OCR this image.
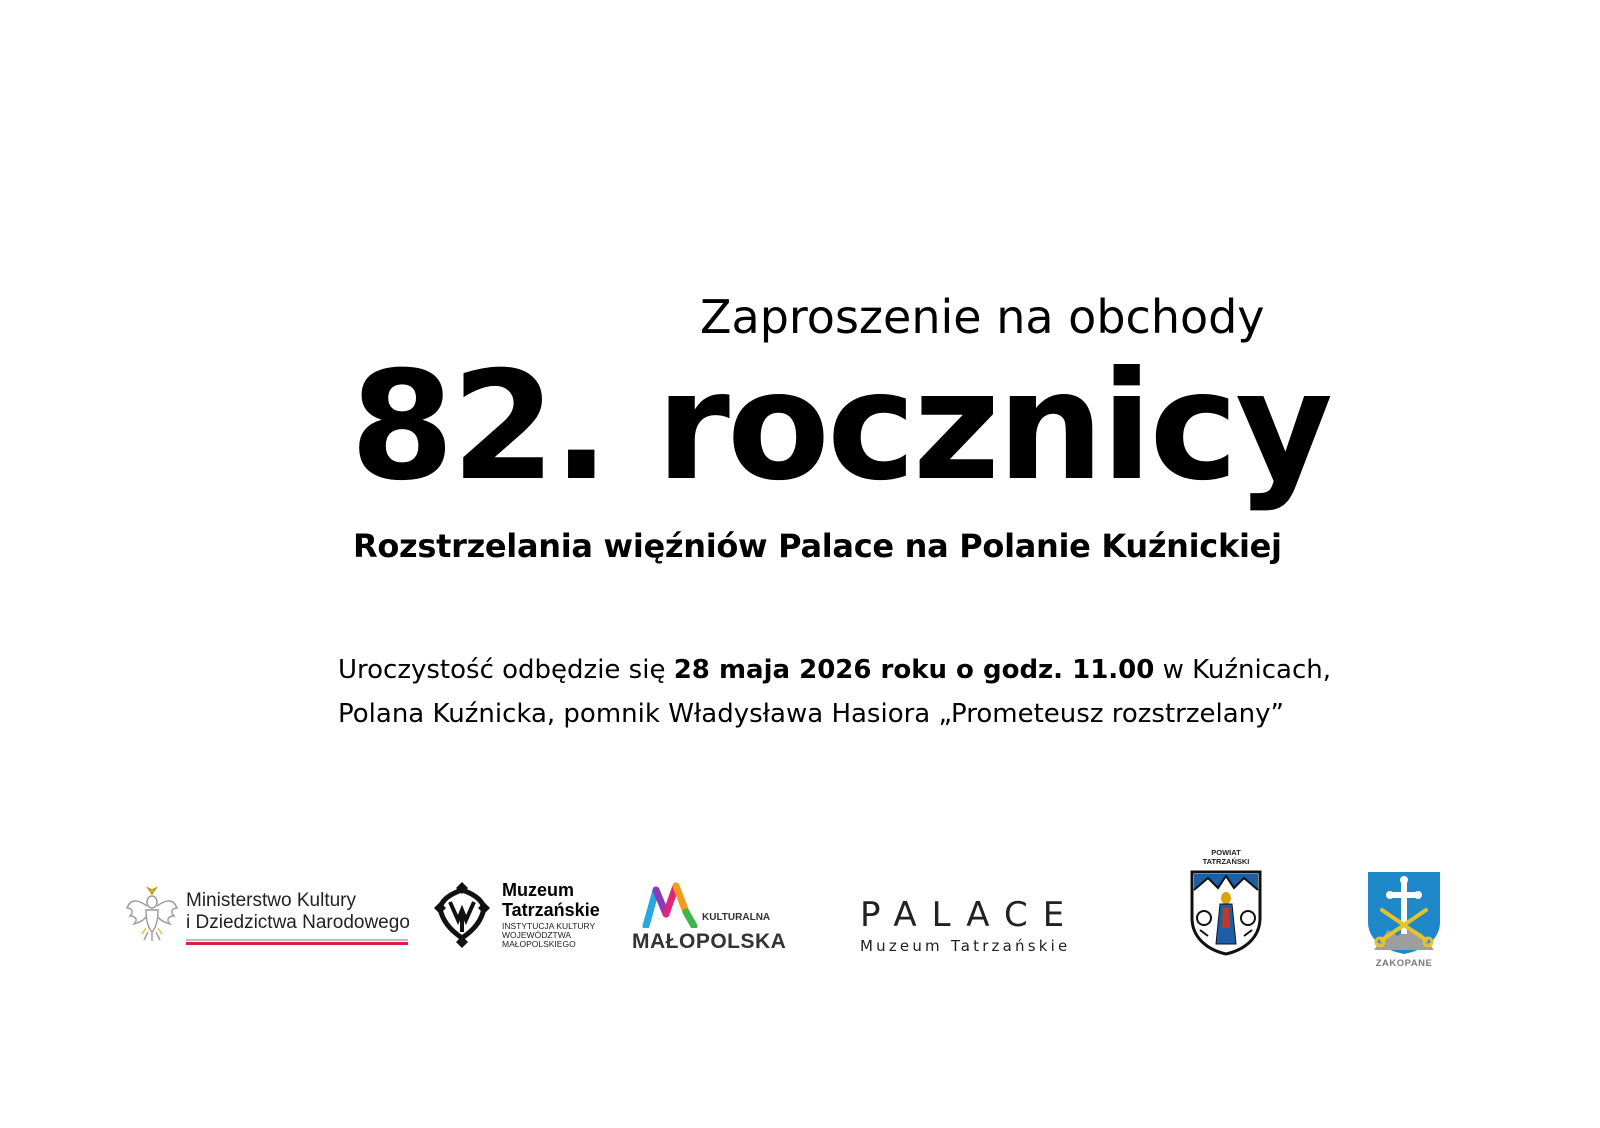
Zaproszenie na obchody
82. rocznicy
Rozstrzelania więźniów Palace na Polanie Kuźnickiej
Uroczystość odbędzie się 28 maja 2026 roku o godz. 11.00 w Kuźnicach,
Polana Kuźnicka, pomnik Władysława Hasiora „Prometeusz rozstrzelany”
Ministerstwo Kultury
i Dziedzictwa Narodowego
Muzeum
Tatrzańskie
INSTYTUCJA KULTURY
WOJEWÓDZTWA
MAŁOPOLSKIEGO
KULTURALNA
MAŁOPOLSKA
PALACE
Muzeum Tatrzańskie
POWIAT
TATRZAŃSKI
ZAKOPANE
